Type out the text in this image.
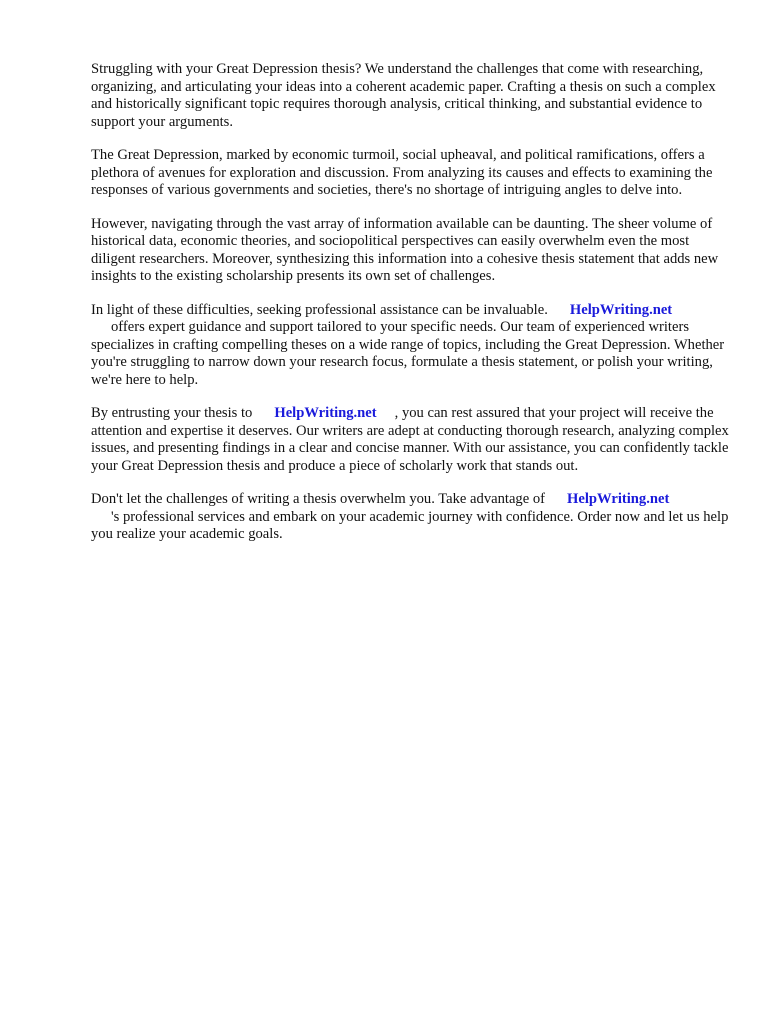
Struggling with your Great Depression thesis? We understand the challenges that come with researching, organizing, and articulating your ideas into a coherent academic paper. Crafting a thesis on such a complex and historically significant topic requires thorough analysis, critical thinking, and substantial evidence to support your arguments.

The Great Depression, marked by economic turmoil, social upheaval, and political ramifications, offers a plethora of avenues for exploration and discussion. From analyzing its causes and effects to examining the responses of various governments and societies, there's no shortage of intriguing angles to delve into.

However, navigating through the vast array of information available can be daunting. The sheer volume of historical data, economic theories, and sociopolitical perspectives can easily overwhelm even the most diligent researchers. Moreover, synthesizing this information into a cohesive thesis statement that adds new insights to the existing scholarship presents its own set of challenges.

In light of these difficulties, seeking professional assistance can be invaluable. HelpWriting.net
offers expert guidance and support tailored to your specific needs. Our team of experienced writers specializes in crafting compelling theses on a wide range of topics, including the Great Depression. Whether you're struggling to narrow down your research focus, formulate a thesis statement, or polish your writing, we're here to help.

By entrusting your thesis to HelpWriting.net , you can rest assured that your project will receive the attention and expertise it deserves. Our writers are adept at conducting thorough research, analyzing complex issues, and presenting findings in a clear and concise manner. With our assistance, you can confidently tackle your Great Depression thesis and produce a piece of scholarly work that stands out.

Don't let the challenges of writing a thesis overwhelm you. Take advantage of HelpWriting.net
's professional services and embark on your academic journey with confidence. Order now and let us help you realize your academic goals.
